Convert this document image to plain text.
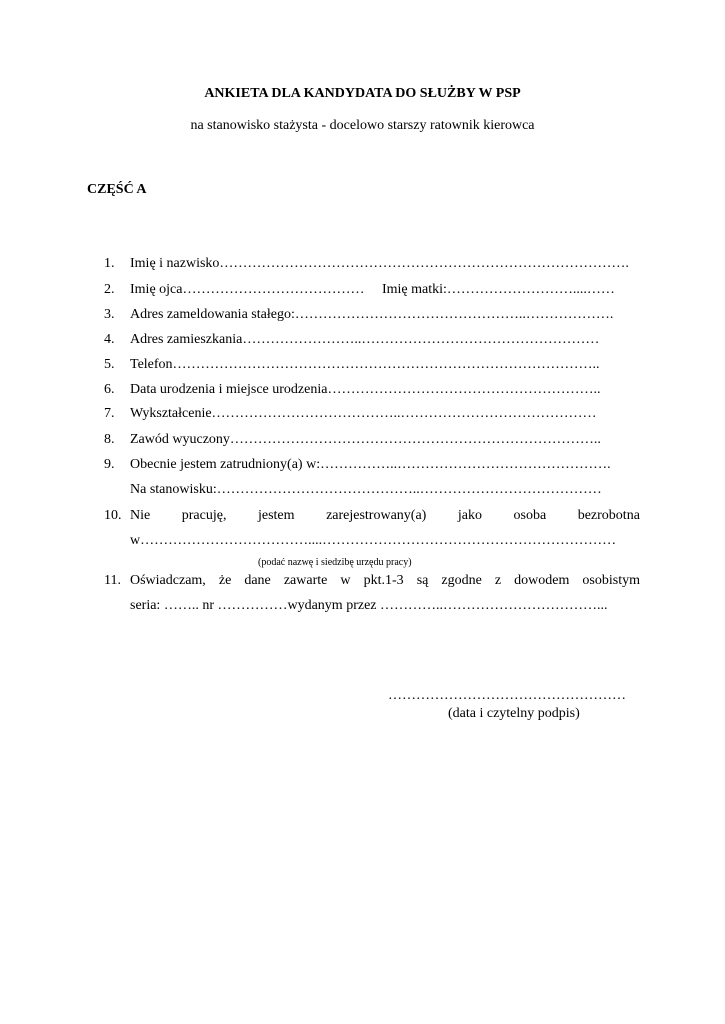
ANKIETA DLA KANDYDATA DO SŁUŻBY W PSP
na stanowisko stażysta - docelowo starszy ratownik kierowca
CZĘŚĆ A
1. Imię i nazwisko…………………………………………………………………………….
2. Imię ojca…………………………………     Imię matki:………………………....……
3. Adres zameldowania stałego:…………………………………………..……………….
4. Adres zamieszkania……………………..……………………………………………
5. Telefon………………………………………………………………………………..
6. Data urodzenia i miejsce urodzenia…………………………………………………..
7. Wykształcenie…………………………………..……………………………………
8. Zawód wyuczony……………………………………………………………………..
9. Obecnie jestem zatrudniony(a) w:……………..……………………………………….
Na stanowisku:……………………………………..…………………………………
10. Nie pracuję, jestem zarejestrowany(a) jako osoba bezrobotna
w………………………………....………………………………………………………
(podać nazwę i siedzibę urzędu pracy)
11. Oświadczam, że dane zawarte w pkt.1-3 są zgodne z dowodem osobistym
seria: …….. nr ……………wydanym przez …………..……………………………...
……………………………………………
(data i czytelny podpis)
